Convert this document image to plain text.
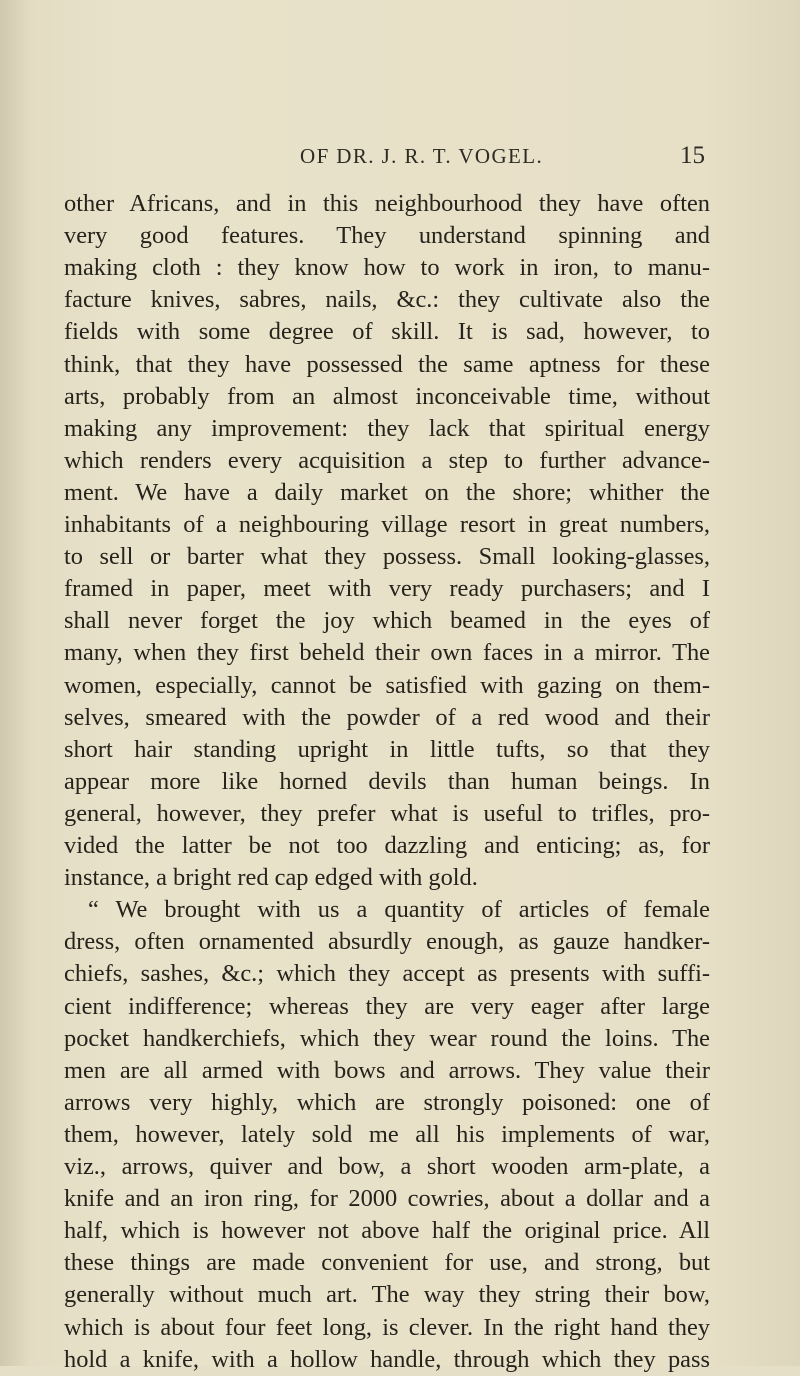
OF DR. J. R. T. VOGEL.	15
other Africans, and in this neighbourhood they have often
very good features. They understand spinning and
making cloth : they know how to work in iron, to manu-
facture knives, sabres, nails, &c.: they cultivate also the
fields with some degree of skill. It is sad, however, to
think, that they have possessed the same aptness for these
arts, probably from an almost inconceivable time, without
making any improvement: they lack that spiritual energy
which renders every acquisition a step to further advance-
ment. We have a daily market on the shore; whither the
inhabitants of a neighbouring village resort in great numbers,
to sell or barter what they possess. Small looking-glasses,
framed in paper, meet with very ready purchasers; and I
shall never forget the joy which beamed in the eyes of
many, when they first beheld their own faces in a mirror. The
women, especially, cannot be satisfied with gazing on them-
selves, smeared with the powder of a red wood and their
short hair standing upright in little tufts, so that they
appear more like horned devils than human beings. In
general, however, they prefer what is useful to trifles, pro-
vided the latter be not too dazzling and enticing; as, for
instance, a bright red cap edged with gold.
“ We brought with us a quantity of articles of female
dress, often ornamented absurdly enough, as gauze handker-
chiefs, sashes, &c.; which they accept as presents with suffi-
cient indifference; whereas they are very eager after large
pocket handkerchiefs, which they wear round the loins. The
men are all armed with bows and arrows. They value their
arrows very highly, which are strongly poisoned: one of
them, however, lately sold me all his implements of war,
viz., arrows, quiver and bow, a short wooden arm-plate, a
knife and an iron ring, for 2000 cowries, about a dollar and a
half, which is however not above half the original price. All
these things are made convenient for use, and strong, but
generally without much art. The way they string their bow,
which is about four feet long, is clever. In the right hand they
hold a knife, with a hollow handle, through which they pass
